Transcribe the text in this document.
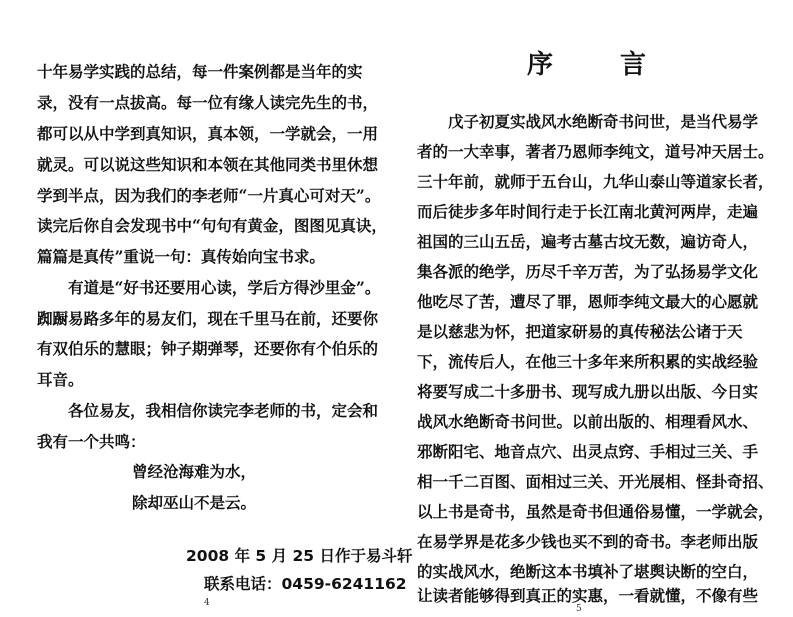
十年易学实践的总结，每一件案例都是当年的实
录，没有一点拔高。每一位有缘人读完先生的书，
都可以从中学到真知识，真本领，一学就会，一用
就灵。可以说这些知识和本领在其他同类书里休想
学到半点，因为我们的李老师“一片真心可对天”。
读完后你自会发现书中“句句有黄金，图图见真诀，
篇篇是真传”重说一句：真传始向宝书求。
有道是“好书还要用心读，学后方得沙里金”。
踟蹰易路多年的易友们，现在千里马在前，还要你
有双伯乐的慧眼；钟子期弹琴，还要你有个伯乐的
耳音。
各位易友，我相信你读完李老师的书，定会和
我有一个共鸣：
曾经沧海难为水，
除却巫山不是云。
2008 年 5 月 25 日作于易斗轩
联系电话：0459-6241162
4
序	言
戊子初夏实战风水绝断奇书问世，是当代易学
者的一大幸事，著者乃恩师李纯文，道号冲天居士。
三十年前，就师于五台山，九华山泰山等道家长者，
而后徒步多年时间行走于长江南北黄河两岸，走遍
祖国的三山五岳，遍考古墓古坟无数，遍访奇人，
集各派的绝学，历尽千辛万苦，为了弘扬易学文化
他吃尽了苦，遭尽了罪，恩师李纯文最大的心愿就
是以慈悲为怀，把道家研易的真传秘法公诸于天
下，流传后人，在他三十多年来所积累的实战经验
将要写成二十多册书、现写成九册以出版、今日实
战风水绝断奇书问世。以前出版的、相理看风水、
邪断阳宅、地音点穴、出灵点窍、手相过三关、手
相一千二百图、面相过三关、开光展相、怪卦奇招、
以上书是奇书，虽然是奇书但通俗易懂，一学就会，
在易学界是花多少钱也买不到的奇书。李老师出版
的实战风水，绝断这本书填补了堪舆诀断的空白，
让读者能够得到真正的实惠，一看就懂，不像有些
5
